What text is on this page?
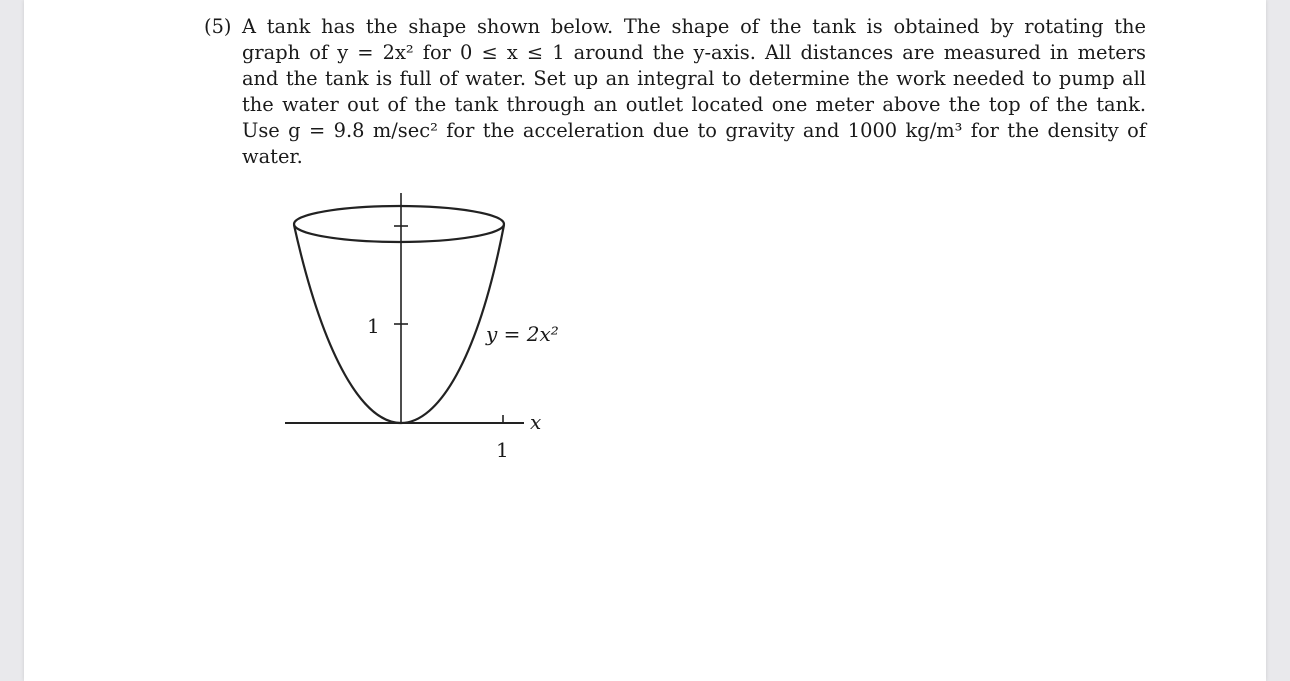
(5) A tank has the shape shown below. The shape of the tank is obtained by rotating the
graph of y = 2x² for 0 ≤ x ≤ 1 around the y-axis. All distances are measured in meters
and the tank is full of water. Set up an integral to determine the work needed to pump all
the water out of the tank through an outlet located one meter above the top of the tank.
Use g = 9.8 m/sec² for the acceleration due to gravity and 1000 kg/m³ for the density of
water.
1
1
x
y = 2x²
